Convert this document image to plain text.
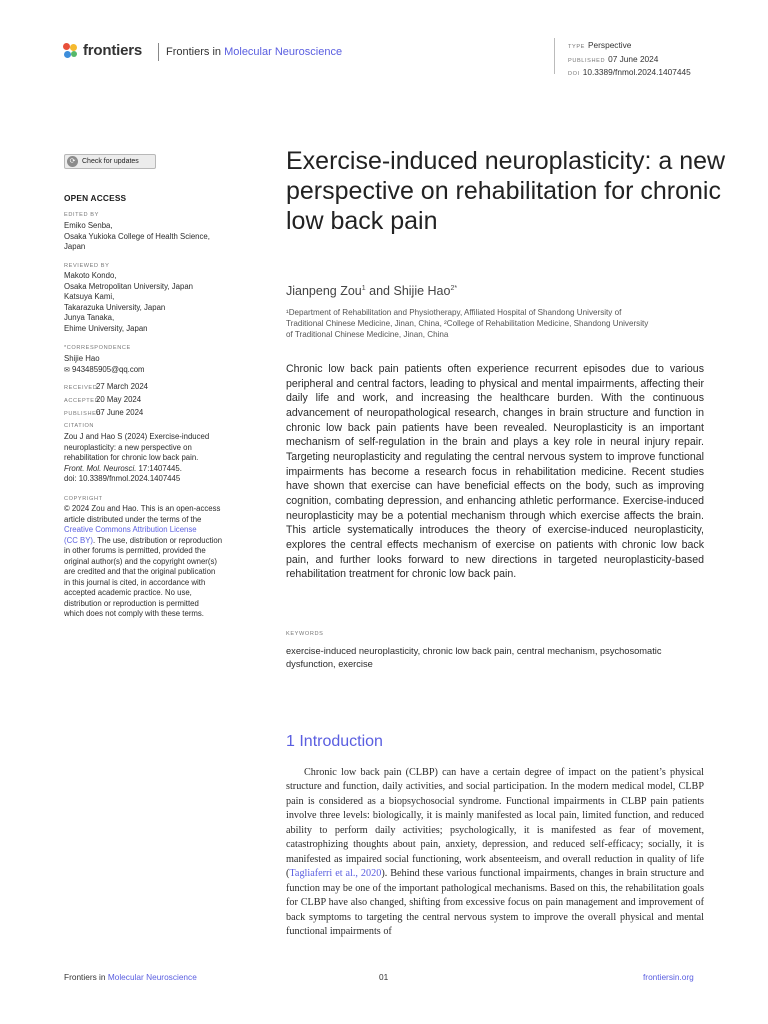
frontiers Frontiers in Molecular Neuroscience	TYPE Perspective
PUBLISHED 07 June 2024
DOI 10.3389/fnmol.2024.1407445
⟳ Check for updates
OPEN ACCESS
EDITED BY
Emiko Senba,
Osaka Yukioka College of Health Science,
Japan
REVIEWED BY
Makoto Kondo,
Osaka Metropolitan University, Japan
Katsuya Kami,
Takarazuka University, Japan
Junya Tanaka,
Ehime University, Japan
*CORRESPONDENCE
Shijie Hao
✉ 943485905@qq.com
RECEIVED27 March 2024
ACCEPTED20 May 2024
PUBLISHED07 June 2024
CITATION
Zou J and Hao S (2024) Exercise-induced
neuroplasticity: a new perspective on
rehabilitation for chronic low back pain.
Front. Mol. Neurosci. 17:1407445.
doi: 10.3389/fnmol.2024.1407445
COPYRIGHT
© 2024 Zou and Hao. This is an open-access
article distributed under the terms of the
Creative Commons Attribution License
(CC BY). The use, distribution or reproduction
in other forums is permitted, provided the
original author(s) and the copyright owner(s)
are credited and that the original publication
in this journal is cited, in accordance with
accepted academic practice. No use,
distribution or reproduction is permitted
which does not comply with these terms.
Exercise-induced neuroplasticity: a new perspective on rehabilitation for chronic low back pain
Jianpeng Zou$^1$ and Shijie Hao$^{2*}$
¹Department of Rehabilitation and Physiotherapy, Affiliated Hospital of Shandong University of
Traditional Chinese Medicine, Jinan, China, ²College of Rehabilitation Medicine, Shandong University
of Traditional Chinese Medicine, Jinan, China
Chronic low back pain patients often experience recurrent episodes due to various peripheral and central factors, leading to physical and mental impairments, affecting their daily life and work, and increasing the healthcare burden. With the continuous advancement of neuropathological research, changes in brain structure and function in chronic low back pain patients have been revealed. Neuroplasticity is an important mechanism of self-regulation in the brain and plays a key role in neural injury repair. Targeting neuroplasticity and regulating the central nervous system to improve functional impairments has become a research focus in rehabilitation medicine. Recent studies have shown that exercise can have beneficial effects on the body, such as improving cognition, combating depression, and enhancing athletic performance. Exercise-induced neuroplasticity may be a potential mechanism through which exercise affects the brain. This article systematically introduces the theory of exercise-induced neuroplasticity, explores the central effects mechanism of exercise on patients with chronic low back pain, and further looks forward to new directions in targeted neuroplasticity-based rehabilitation treatment for chronic low back pain.
KEYWORDS
exercise-induced neuroplasticity, chronic low back pain, central mechanism, psychosomatic dysfunction, exercise
1 Introduction
Chronic low back pain (CLBP) can have a certain degree of impact on the patient’s physical structure and function, daily activities, and social participation. In the modern medical model, CLBP pain is considered as a biopsychosocial syndrome. Functional impairments in CLBP pain patients involve three levels: biologically, it is mainly manifested as local pain, limited function, and reduced ability to perform daily activities; psychologically, it is manifested as fear of movement, catastrophizing thoughts about pain, anxiety, depression, and reduced self-efficacy; socially, it is manifested as impaired social functioning, work absenteeism, and overall reduction in quality of life (Tagliaferri et al., 2020). Behind these various functional impairments, changes in brain structure and function may be one of the important pathological mechanisms. Based on this, the rehabilitation goals for CLBP have also changed, shifting from excessive focus on pain management and improvement of back symptoms to targeting the central nervous system to improve the overall physical and mental functional impairments of
Frontiers in Molecular Neuroscience	01	frontiersin.org
